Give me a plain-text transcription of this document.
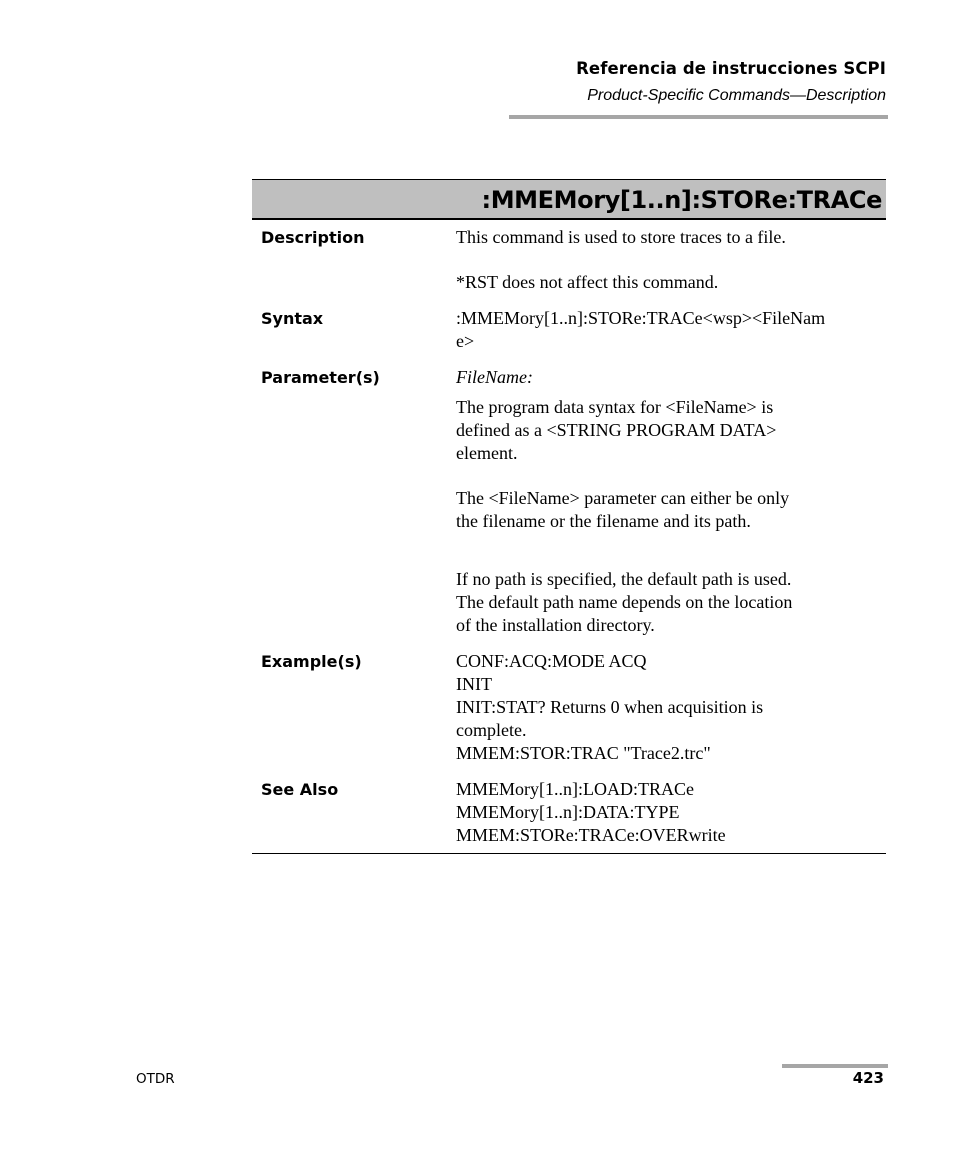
Referencia de instrucciones SCPI
Product-Specific Commands—Description
:MMEMory[1..n]:STORe:TRACe
Description	This command is used to store traces to a file.

*RST does not affect this command.

Syntax	:MMEMory[1..n]:STORe:TRACe<wsp><FileNam

e>

Parameter(s)	FileName:

The program data syntax for <FileName> is

defined as a <STRING PROGRAM DATA>

element.

The <FileName> parameter can either be only

the filename or the filename and its path.

If no path is specified, the default path is used.

The default path name depends on the location

of the installation directory.

Example(s)	CONF:ACQ:MODE ACQ

INIT

INIT:STAT? Returns 0 when acquisition is

complete.

MMEM:STOR:TRAC "Trace2.trc"

See Also	MMEMory[1..n]:LOAD:TRACe

MMEMory[1..n]:DATA:TYPE

MMEM:STORe:TRACe:OVERwrite

OTDR	423
